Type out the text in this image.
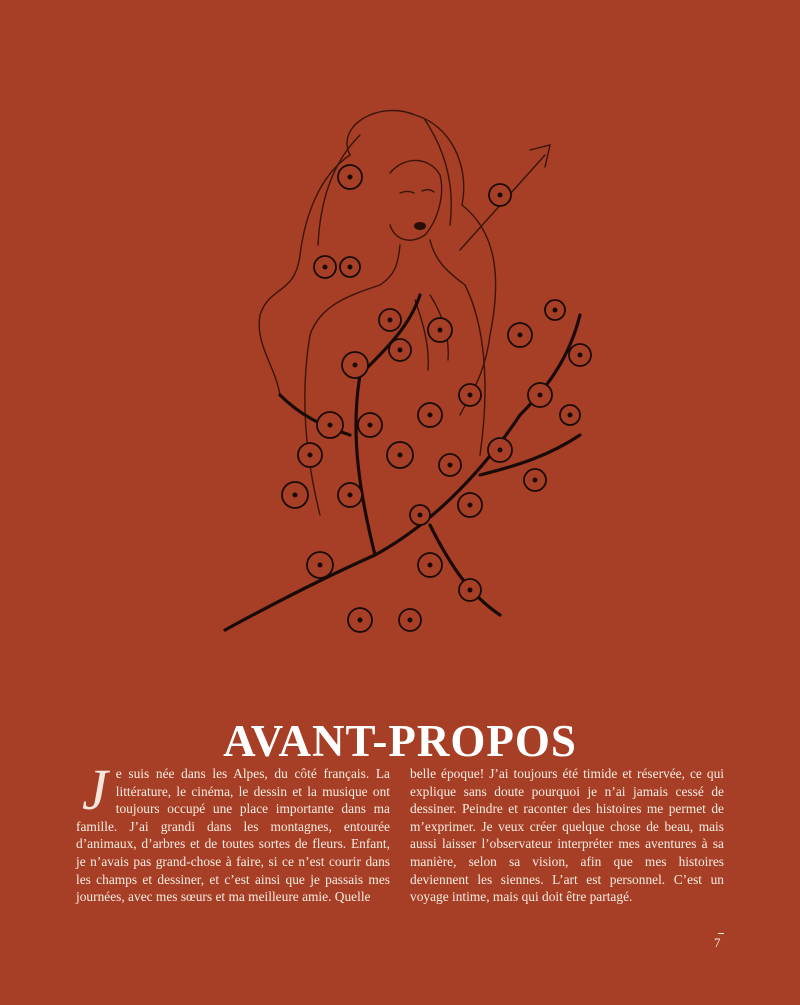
AVANT-PROPOS
J e suis née dans les Alpes, du côté français. La littérature, le cinéma, le dessin et la musique ont toujours occupé une place importante dans ma famille. J’ai grandi dans les montagnes, entourée d’animaux, d’arbres et de toutes sortes de fleurs. Enfant, je n’avais pas grand-chose à faire, si ce n’est courir dans les champs et dessiner, et c’est ainsi que je passais mes journées, avec mes sœurs et ma meilleure amie. Quelle
belle époque! J’ai toujours été timide et réservée, ce qui explique sans doute pourquoi je n’ai jamais cessé de dessiner. Peindre et raconter des histoires me permet de m’exprimer. Je veux créer quelque chose de beau, mais aussi laisser l’observateur interpréter mes aventures à sa manière, selon sa vision, afin que mes histoires deviennent les siennes. L’art est personnel. C’est un voyage intime, mais qui doit être partagé.
7
